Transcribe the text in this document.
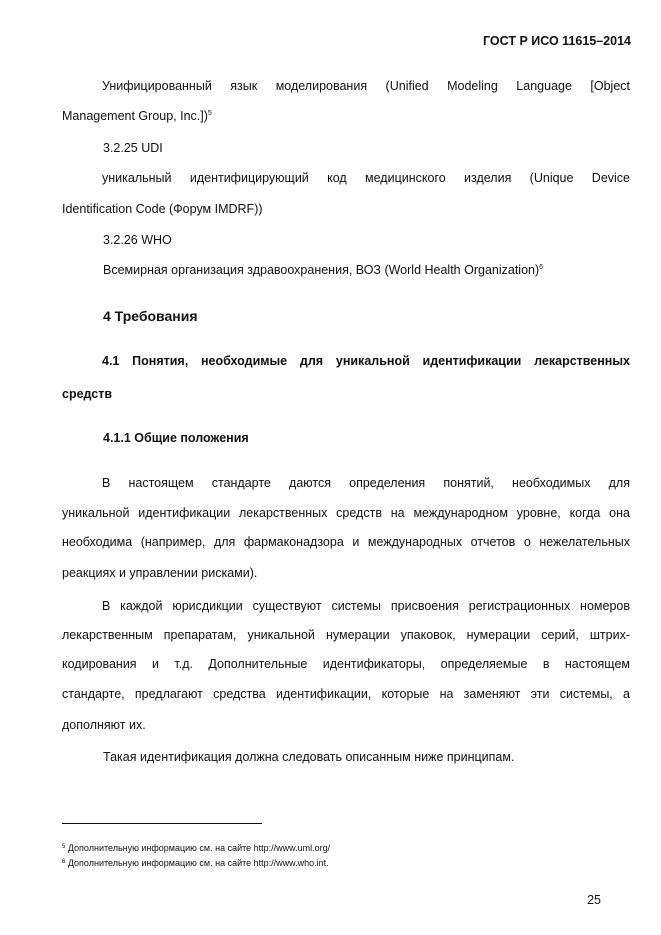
ГОСТ Р ИСО 11615–2014
Унифицированный язык моделирования (Unified Modeling Language [Object
Management Group, Inc.])$^5$
3.2.25 UDI
уникальный идентифицирующий код медицинского изделия (Unique Device
Identification Code (Форум IMDRF))
3.2.26 WHO
Всемирная организация здравоохранения, ВОЗ (World Health Organization)$^6$
4 Требования
4.1 Понятия, необходимые для уникальной идентификации лекарственных
средств
4.1.1 Общие положения
В настоящем стандарте даются определения понятий, необходимых для
уникальной идентификации лекарственных средств на международном уровне, когда она
необходима (например, для фармаконадзора и международных отчетов о нежелательных
реакциях и управлении рисками).
В каждой юрисдикции существуют системы присвоения регистрационных номеров
лекарственным препаратам, уникальной нумерации упаковок, нумерации серий, штрих-
кодирования и т.д. Дополнительные идентификаторы, определяемые в настоящем
стандарте, предлагают средства идентификации, которые на заменяют эти системы, а
дополняют их.
Такая идентификация должна следовать описанным ниже принципам.
$^5$ Дополнительную информацию см. на сайте http://www.uml.org/
$^6$ Дополнительную информацию см. на сайте http://www.who.int.
25
